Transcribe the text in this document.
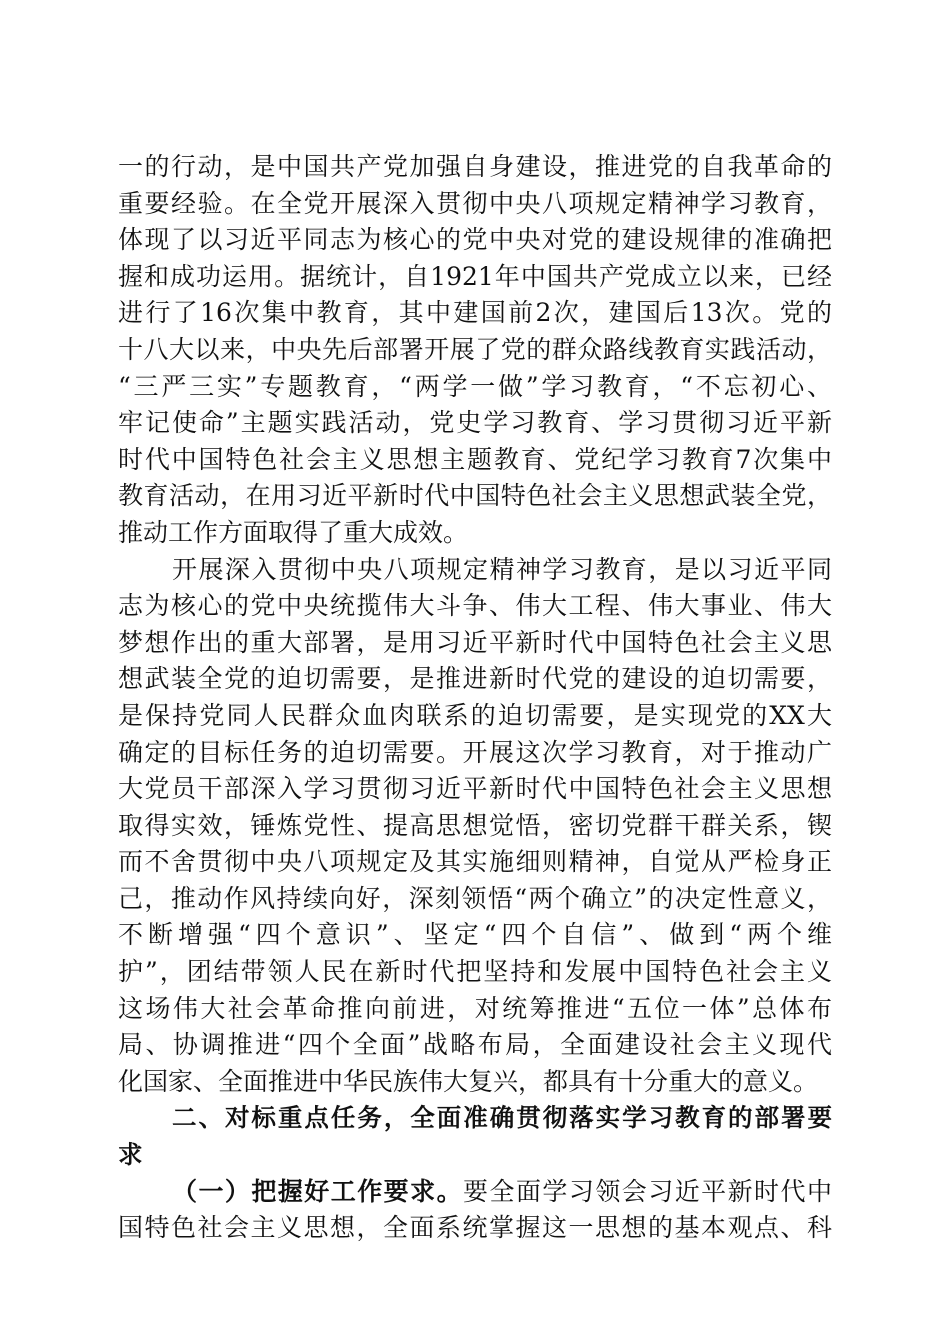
一的行动，是中国共产党加强自身建设，推进党的自我革命的
重要经验。在全党开展深入贯彻中央八项规定精神学习教育，
体现了以习近平同志为核心的党中央对党的建设规律的准确把
握和成功运用。据统计，自1921年中国共产党成立以来，已经
进行了16次集中教育，其中建国前2次，建国后13次。党的
十八大以来，中央先后部署开展了党的群众路线教育实践活动，
“三严三实”专题教育，“两学一做”学习教育，“不忘初心、
牢记使命”主题实践活动，党史学习教育、学习贯彻习近平新
时代中国特色社会主义思想主题教育、党纪学习教育7次集中
教育活动，在用习近平新时代中国特色社会主义思想武装全党，
推动工作方面取得了重大成效。
开展深入贯彻中央八项规定精神学习教育，是以习近平同
志为核心的党中央统揽伟大斗争、伟大工程、伟大事业、伟大
梦想作出的重大部署，是用习近平新时代中国特色社会主义思
想武装全党的迫切需要，是推进新时代党的建设的迫切需要，
是保持党同人民群众血肉联系的迫切需要，是实现党的XX大
确定的目标任务的迫切需要。开展这次学习教育，对于推动广
大党员干部深入学习贯彻习近平新时代中国特色社会主义思想
取得实效，锤炼党性、提高思想觉悟，密切党群干群关系，锲
而不舍贯彻中央八项规定及其实施细则精神，自觉从严检身正
己，推动作风持续向好，深刻领悟“两个确立”的决定性意义，
不断增强“四个意识”、坚定“四个自信”、做到“两个维
护”，团结带领人民在新时代把坚持和发展中国特色社会主义
这场伟大社会革命推向前进，对统筹推进“五位一体”总体布
局、协调推进“四个全面”战略布局，全面建设社会主义现代
化国家、全面推进中华民族伟大复兴，都具有十分重大的意义。
二、对标重点任务，全面准确贯彻落实学习教育的部署要
求
（一）把握好工作要求。要全面学习领会习近平新时代中
国特色社会主义思想，全面系统掌握这一思想的基本观点、科
